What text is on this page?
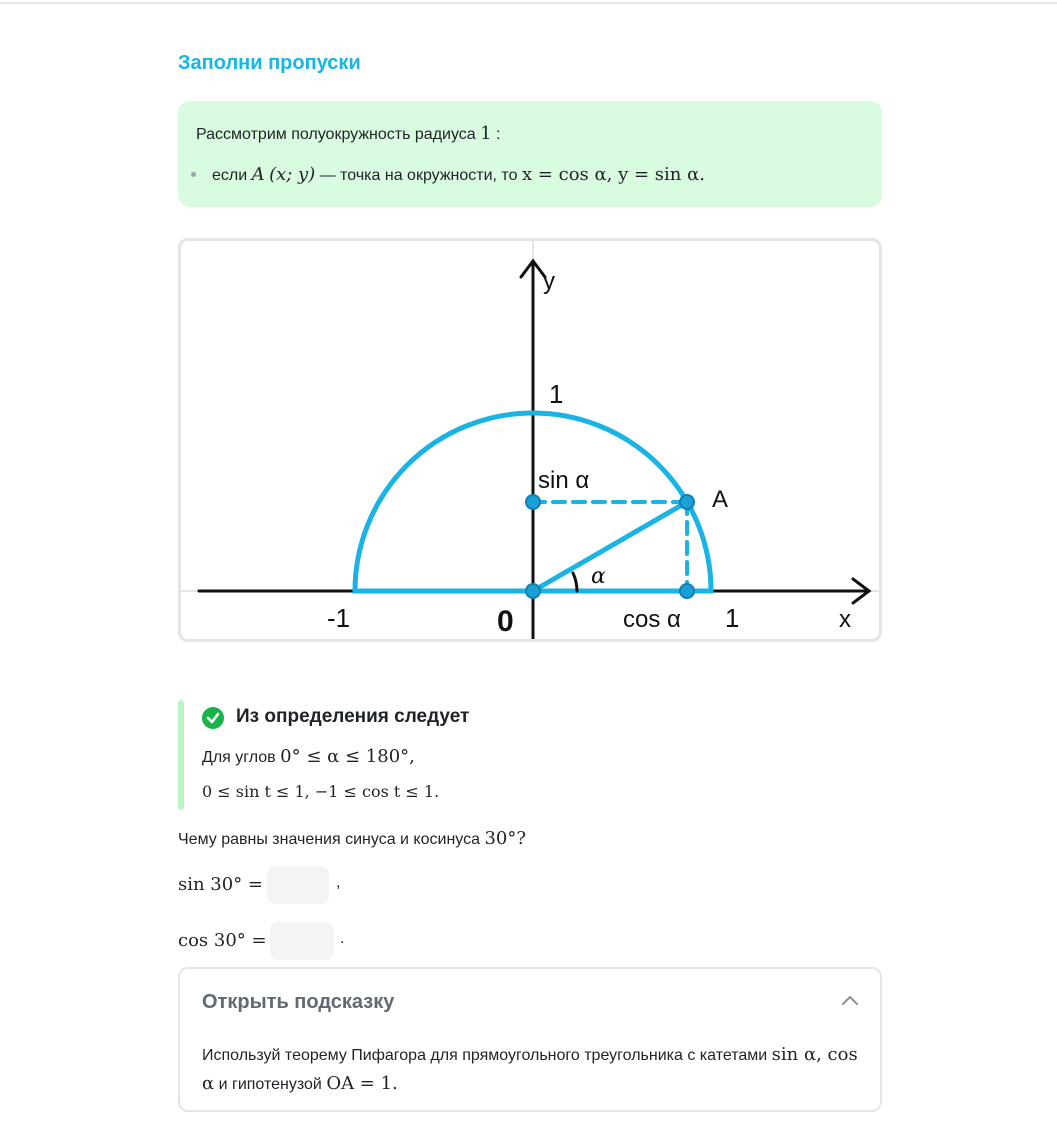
Заполни пропуски
Рассмотрим полуокружность радиуса 1 :
если A (x; y) — точка на окружности, то x = cos α, y = sin α.
y
x
1
1
-1	0
sin α
cos α
A
α
Из определения следует
Для углов 0° ≤ α ≤ 180°,
0 ≤ sin t ≤ 1, −1 ≤ cos t ≤ 1.
Чему равны значения синуса и косинуса 30°?
sin 30° =	,
cos 30° =	.
Открыть подсказку
Используй теорему Пифагора для прямоугольного треугольника с катетами sin α, cos α и гипотенузой OA = 1.
